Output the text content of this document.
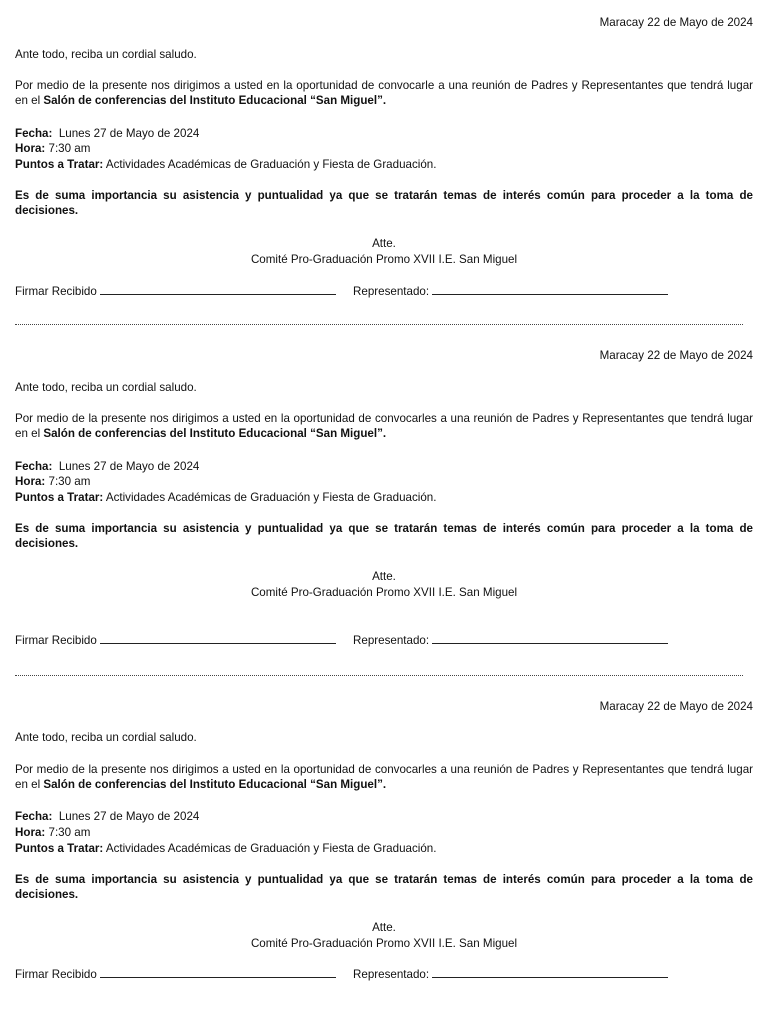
Maracay 22 de Mayo de 2024
Ante todo, reciba un cordial saludo.
Por medio de la presente nos dirigimos a usted en la oportunidad de convocarle a una reunión de Padres y Representantes que tendrá lugar en el Salón de conferencias del Instituto Educacional “San Miguel”.
Fecha: Lunes 27 de Mayo de 2024
Hora: 7:30 am
Puntos a Tratar: Actividades Académicas de Graduación y Fiesta de Graduación.
Es de suma importancia su asistencia y puntualidad ya que se tratarán temas de interés común para proceder a la toma de decisiones.
Atte.
Comité Pro-Graduación Promo XVII I.E. San Miguel
Firmar Recibido	Representado:
Maracay 22 de Mayo de 2024
Ante todo, reciba un cordial saludo.
Por medio de la presente nos dirigimos a usted en la oportunidad de convocarles a una reunión de Padres y Representantes que tendrá lugar en el Salón de conferencias del Instituto Educacional “San Miguel”.
Fecha: Lunes 27 de Mayo de 2024
Hora: 7:30 am
Puntos a Tratar: Actividades Académicas de Graduación y Fiesta de Graduación.
Es de suma importancia su asistencia y puntualidad ya que se tratarán temas de interés común para proceder a la toma de decisiones.
Atte.
Comité Pro-Graduación Promo XVII I.E. San Miguel
Firmar Recibido	Representado:
Maracay 22 de Mayo de 2024
Ante todo, reciba un cordial saludo.
Por medio de la presente nos dirigimos a usted en la oportunidad de convocarles a una reunión de Padres y Representantes que tendrá lugar en el Salón de conferencias del Instituto Educacional “San Miguel”.
Fecha: Lunes 27 de Mayo de 2024
Hora: 7:30 am
Puntos a Tratar: Actividades Académicas de Graduación y Fiesta de Graduación.
Es de suma importancia su asistencia y puntualidad ya que se tratarán temas de interés común para proceder a la toma de decisiones.
Atte.
Comité Pro-Graduación Promo XVII I.E. San Miguel
Firmar Recibido	Representado:
